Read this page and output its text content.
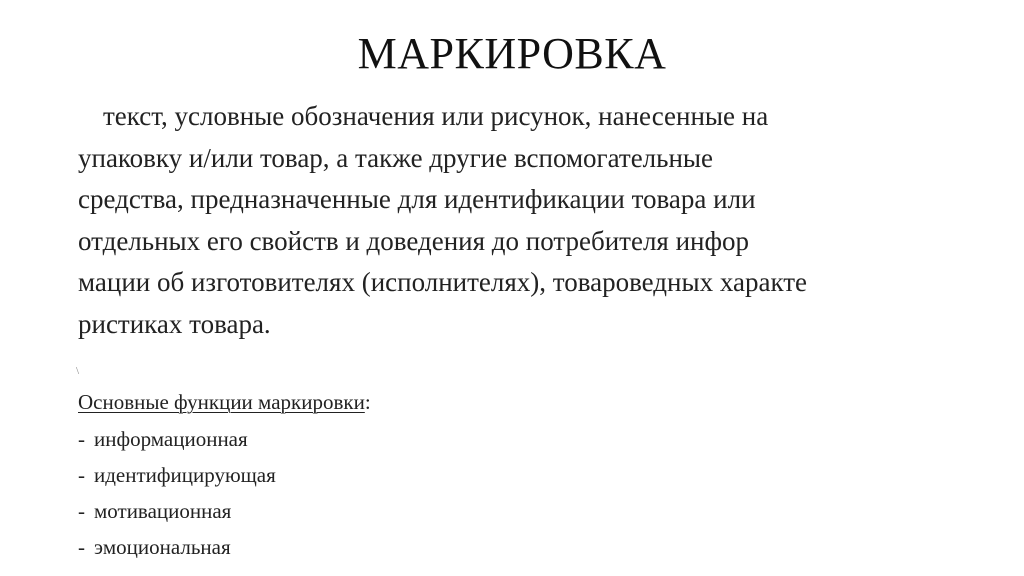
МАРКИРОВКА
текст, условные обозначения или рисунок, нанесенные на
упаковку и/или товар, а также другие вспомогательные
средства, предназначенные для идентификации товара или
отдельных его свойств и доведения до потребителя инфор
мации об изготовителях (исполнителях), товароведных характе
ристиках товара.
\
Основные функции маркировки:
- информационная
- идентифицирующая
- мотивационная
- эмоциональная
